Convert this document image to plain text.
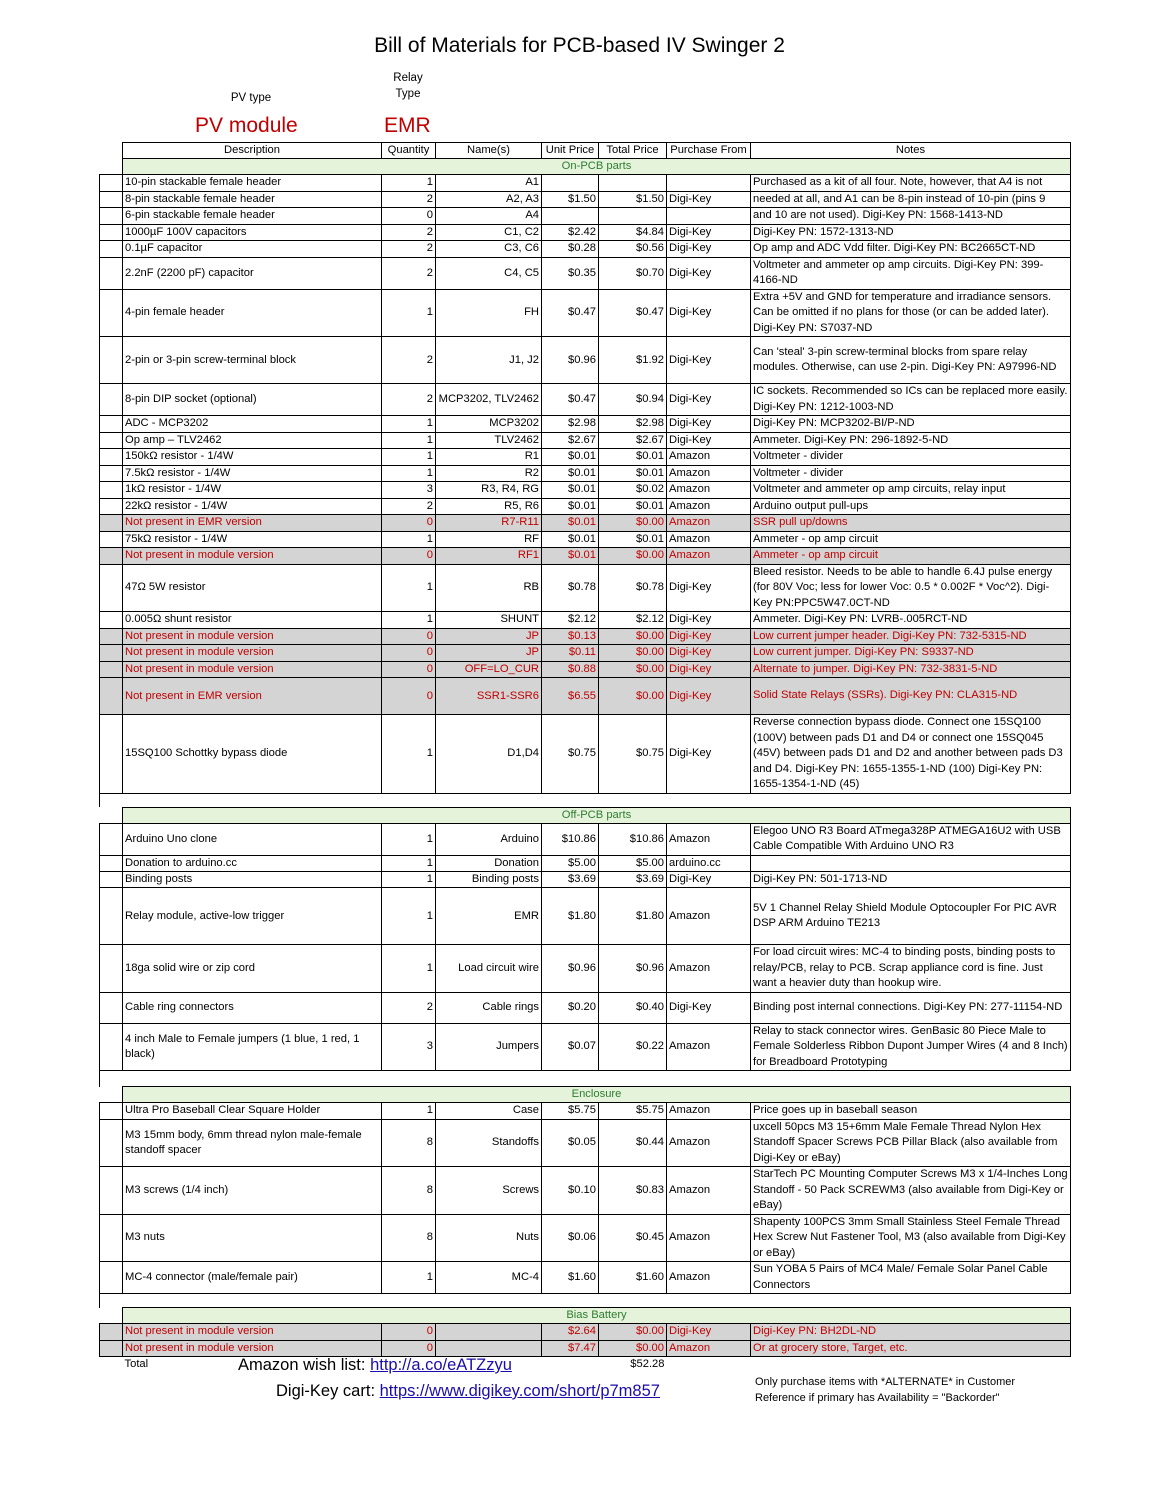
Bill of Materials for PCB-based IV Swinger 2
PV type
Relay
Type
PV module	EMR
	Description	Quantity	Name(s)	Unit Price	Total Price	Purchase From	Notes
	On-PCB parts						
	10-pin stackable female header	1	A1				Purchased as a kit of all four. Note, however, that A4 is not
	8-pin stackable female header	2	A2, A3	$1.50	$1.50	Digi-Key	needed at all, and A1 can be 8-pin instead of 10-pin (pins 9
	6-pin stackable female header	0	A4				and 10 are not used). Digi-Key PN: 1568-1413-ND
	1000µF 100V capacitors	2	C1, C2	$2.42	$4.84	Digi-Key	Digi-Key PN: 1572-1313-ND
	0.1µF capacitor	2	C3, C6	$0.28	$0.56	Digi-Key	Op amp and ADC Vdd filter. Digi-Key PN: BC2665CT-ND
	2.2nF (2200 pF) capacitor	2	C4, C5	$0.35	$0.70	Digi-Key	Voltmeter and ammeter op amp circuits. Digi-Key PN: 399-4166-ND
	4-pin female header	1	FH	$0.47	$0.47	Digi-Key	Extra +5V and GND for temperature and irradiance sensors. Can be omitted if no plans for those (or can be added later). Digi-Key PN: S7037-ND
	2-pin or 3-pin screw-terminal block	2	J1, J2	$0.96	$1.92	Digi-Key	Can 'steal' 3-pin screw-terminal blocks from spare relay modules. Otherwise, can use 2-pin. Digi-Key PN: A97996-ND
	8-pin DIP socket (optional)	2	MCP3202, TLV2462	$0.47	$0.94	Digi-Key	IC sockets. Recommended so ICs can be replaced more easily. Digi-Key PN: 1212-1003-ND
	ADC - MCP3202	1	MCP3202	$2.98	$2.98	Digi-Key	Digi-Key PN: MCP3202-BI/P-ND
	Op amp – TLV2462	1	TLV2462	$2.67	$2.67	Digi-Key	Ammeter. Digi-Key PN: 296-1892-5-ND
	150kΩ resistor - 1/4W	1	R1	$0.01	$0.01	Amazon	Voltmeter - divider
	7.5kΩ resistor - 1/4W	1	R2	$0.01	$0.01	Amazon	Voltmeter - divider
	1kΩ resistor - 1/4W	3	R3, R4, RG	$0.01	$0.02	Amazon	Voltmeter and ammeter op amp circuits, relay input
	22kΩ resistor - 1/4W	2	R5, R6	$0.01	$0.01	Amazon	Arduino output pull-ups
	Not present in EMR version	0	R7-R11	$0.01	$0.00	Amazon	SSR pull up/downs
	75kΩ resistor - 1/4W	1	RF	$0.01	$0.01	Amazon	Ammeter - op amp circuit
	Not present in module version	0	RF1	$0.01	$0.00	Amazon	Ammeter - op amp circuit
	47Ω 5W resistor	1	RB	$0.78	$0.78	Digi-Key	Bleed resistor. Needs to be able to handle 6.4J pulse energy (for 80V Voc; less for lower Voc: 0.5 * 0.002F * Voc^2). Digi-Key PN:PPC5W47.0CT-ND
	0.005Ω shunt resistor	1	SHUNT	$2.12	$2.12	Digi-Key	Ammeter. Digi-Key PN: LVRB-.005RCT-ND
	Not present in module version	0	JP	$0.13	$0.00	Digi-Key	Low current jumper header. Digi-Key PN: 732-5315-ND
	Not present in module version	0	JP	$0.11	$0.00	Digi-Key	Low current jumper. Digi-Key PN: S9337-ND
	Not present in module version	0	OFF=LO_CUR	$0.88	$0.00	Digi-Key	Alternate to jumper. Digi-Key PN: 732-3831-5-ND
	Not present in EMR version	0	SSR1-SSR6	$6.55	$0.00	Digi-Key	Solid State Relays (SSRs). Digi-Key PN: CLA315-ND
	15SQ100 Schottky bypass diode	1	D1,D4	$0.75	$0.75	Digi-Key	Reverse connection bypass diode. Connect one 15SQ100 (100V) between pads D1 and D4 or connect one 15SQ045 (45V) between pads D1 and D2 and another between pads D3 and D4. Digi-Key PN: 1655-1355-1-ND (100) Digi-Key PN: 1655-1354-1-ND (45)

	Off-PCB parts						
	Arduino Uno clone	1	Arduino	$10.86	$10.86	Amazon	Elegoo UNO R3 Board ATmega328P ATMEGA16U2 with USB Cable Compatible With Arduino UNO R3
	Donation to arduino.cc	1	Donation	$5.00	$5.00	arduino.cc	
	Binding posts	1	Binding posts	$3.69	$3.69	Digi-Key	Digi-Key PN: 501-1713-ND
	Relay module, active-low trigger	1	EMR	$1.80	$1.80	Amazon	5V 1 Channel Relay Shield Module Optocoupler For PIC AVR DSP ARM Arduino TE213
	18ga solid wire or zip cord	1	Load circuit wire	$0.96	$0.96	Amazon	For load circuit wires: MC-4 to binding posts, binding posts to relay/PCB, relay to PCB. Scrap appliance cord is fine. Just want a heavier duty than hookup wire.
	Cable ring connectors	2	Cable rings	$0.20	$0.40	Digi-Key	Binding post internal connections. Digi-Key PN: 277-11154-ND
	4 inch Male to Female jumpers (1 blue, 1 red, 1 black)	3	Jumpers	$0.07	$0.22	Amazon	Relay to stack connector wires. GenBasic 80 Piece Male to Female Solderless Ribbon Dupont Jumper Wires (4 and 8 Inch) for Breadboard Prototyping

	Enclosure						
	Ultra Pro Baseball Clear Square Holder	1	Case	$5.75	$5.75	Amazon	Price goes up in baseball season
	M3 15mm body, 6mm thread nylon male-female standoff spacer	8	Standoffs	$0.05	$0.44	Amazon	uxcell 50pcs M3 15+6mm Male Female Thread Nylon Hex Standoff Spacer Screws PCB Pillar Black (also available from Digi-Key or eBay)
	M3 screws (1/4 inch)	8	Screws	$0.10	$0.83	Amazon	StarTech PC Mounting Computer Screws M3 x 1/4-Inches Long Standoff - 50 Pack SCREWM3 (also available from Digi-Key or eBay)
	M3 nuts	8	Nuts	$0.06	$0.45	Amazon	Shapenty 100PCS 3mm Small Stainless Steel Female Thread Hex Screw Nut Fastener Tool, M3 (also available from Digi-Key or eBay)
	MC-4 connector (male/female pair)	1	MC-4	$1.60	$1.60	Amazon	Sun YOBA 5 Pairs of MC4 Male/ Female Solar Panel Cable Connectors

	Bias Battery						
	Not present in module version	0		$2.64	$0.00	Digi-Key	Digi-Key PN: BH2DL-ND
	Not present in module version	0		$7.47	$0.00	Amazon	Or at grocery store, Target, etc.
	Total				$52.28		
Amazon wish list: http://a.co/eATZzyu
Digi-Key cart: https://www.digikey.com/short/p7m857	Only purchase items with *ALTERNATE* in Customer Reference if primary has Availability = "Backorder"
